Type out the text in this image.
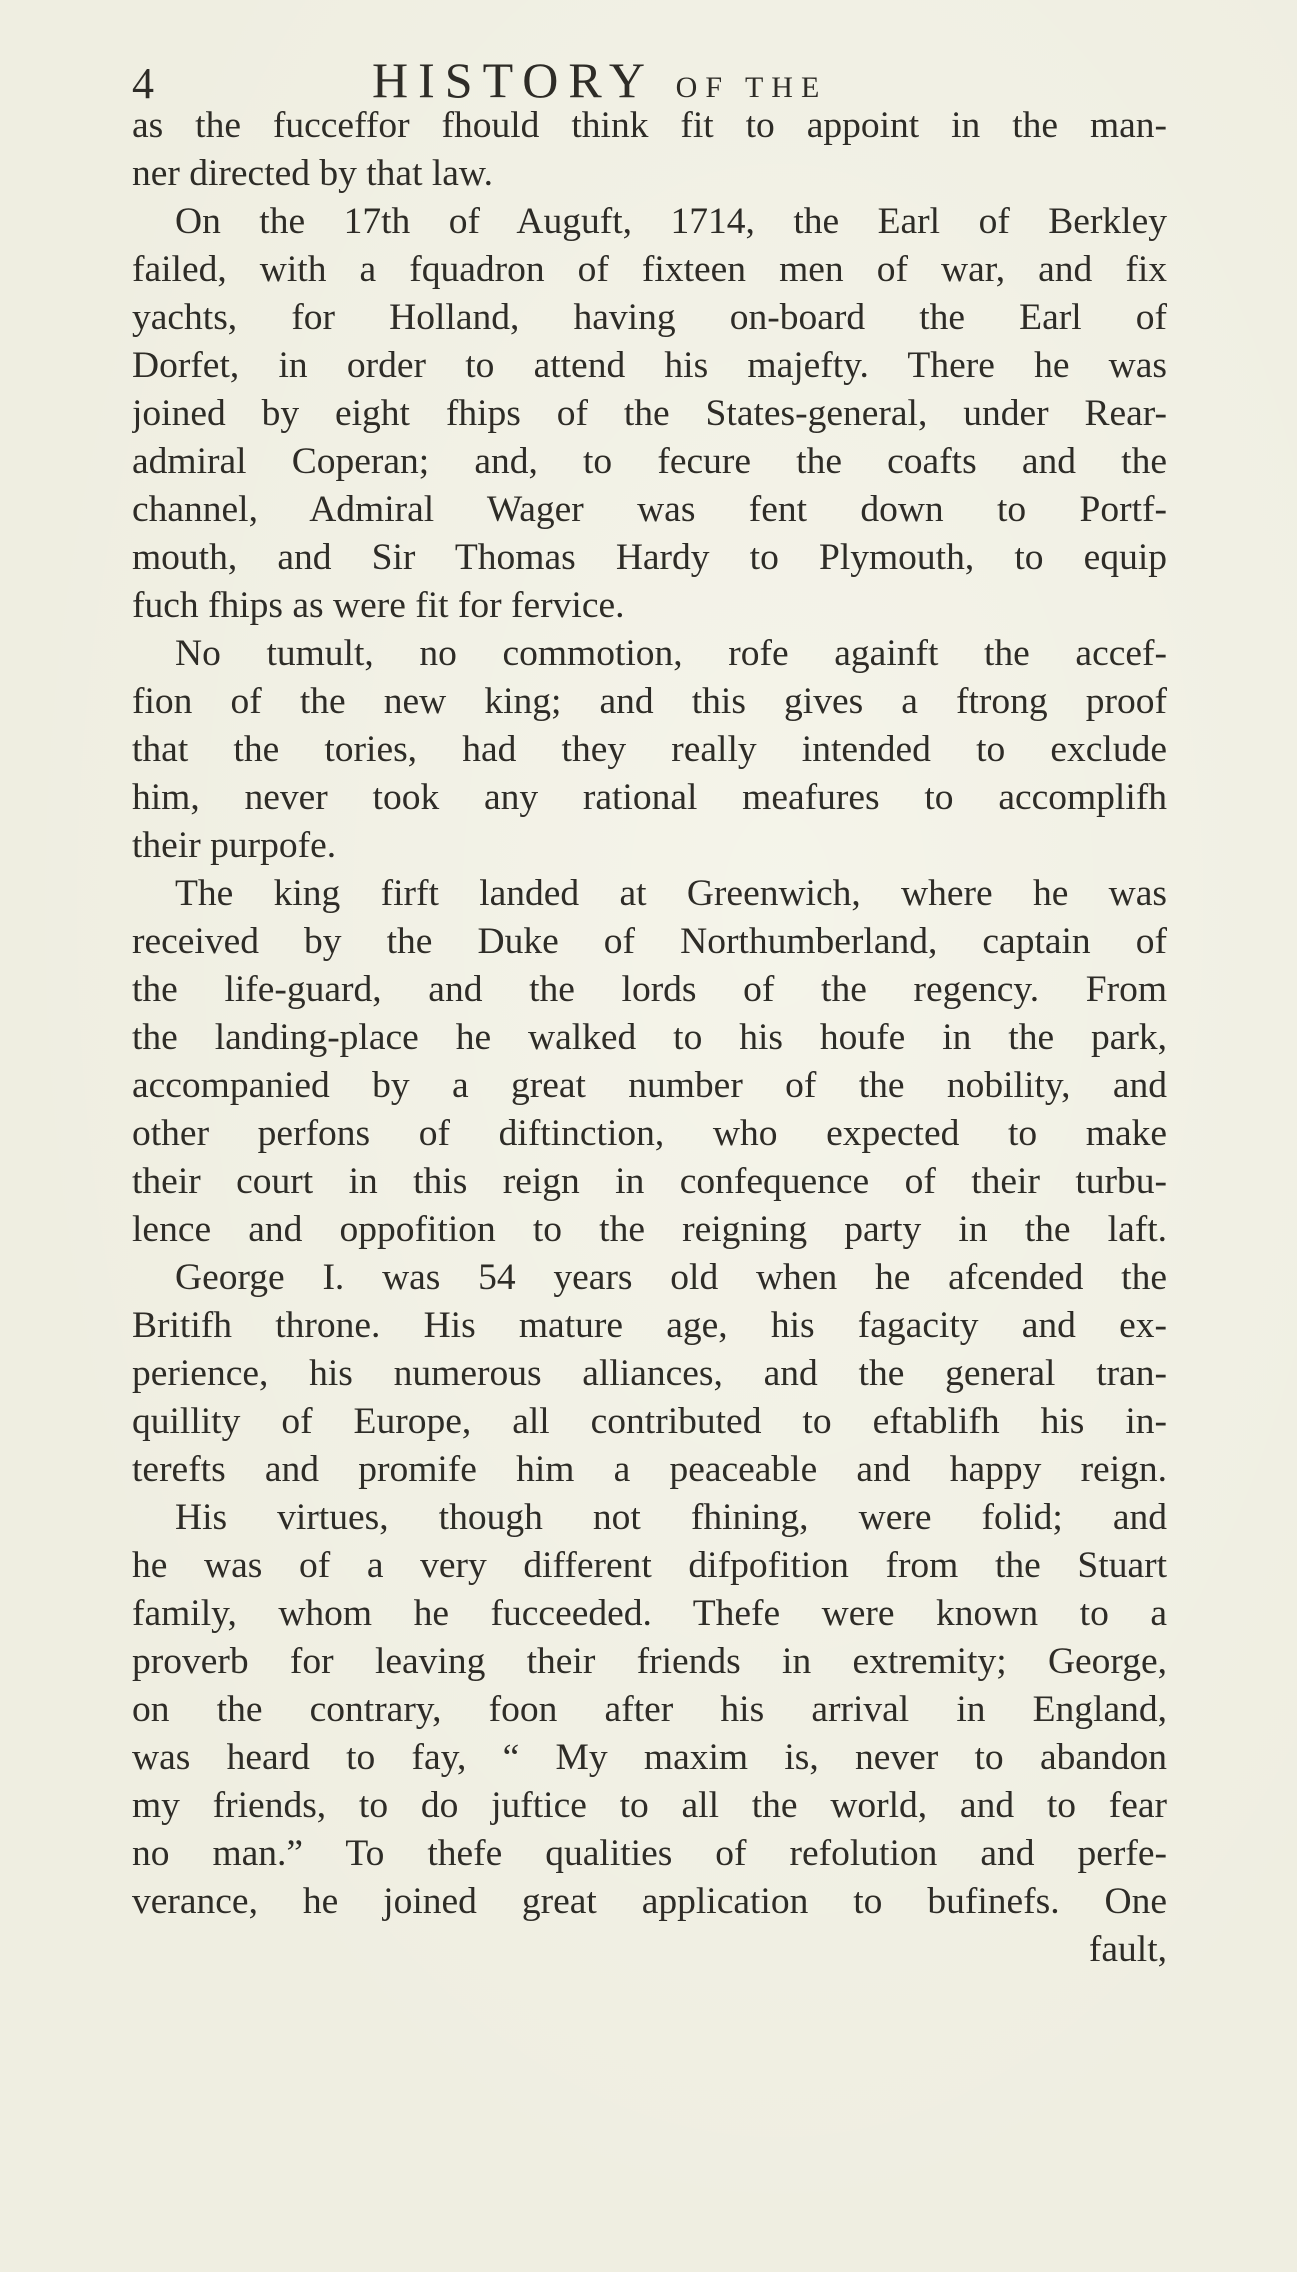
4	HISTORY OF THE
as the fucceffor fhould think fit to appoint in the man-
ner directed by that law.
On the 17th of Auguft, 1714, the Earl of Berkley
failed, with a fquadron of fixteen men of war, and fix
yachts, for Holland, having on-board the Earl of
Dorfet, in order to attend his majefty. There he was
joined by eight fhips of the States-general, under Rear-
admiral Coperan; and, to fecure the coafts and the
channel, Admiral Wager was fent down to Portf-
mouth, and Sir Thomas Hardy to Plymouth, to equip
fuch fhips as were fit for fervice.
No tumult, no commotion, rofe againft the accef-
fion of the new king; and this gives a ftrong proof
that the tories, had they really intended to exclude
him, never took any rational meafures to accomplifh
their purpofe.
The king firft landed at Greenwich, where he was
received by the Duke of Northumberland, captain of
the life-guard, and the lords of the regency. From
the landing-place he walked to his houfe in the park,
accompanied by a great number of the nobility, and
other perfons of diftinction, who expected to make
their court in this reign in confequence of their turbu-
lence and oppofition to the reigning party in the laft.
George I. was 54 years old when he afcended the
Britifh throne. His mature age, his fagacity and ex-
perience, his numerous alliances, and the general tran-
quillity of Europe, all contributed to eftablifh his in-
terefts and promife him a peaceable and happy reign.
His virtues, though not fhining, were folid; and
he was of a very different difpofition from the Stuart
family, whom he fucceeded. Thefe were known to a
proverb for leaving their friends in extremity; George,
on the contrary, foon after his arrival in England,
was heard to fay, “ My maxim is, never to abandon
my friends, to do juftice to all the world, and to fear
no man.” To thefe qualities of refolution and perfe-
verance, he joined great application to bufinefs. One
fault,
